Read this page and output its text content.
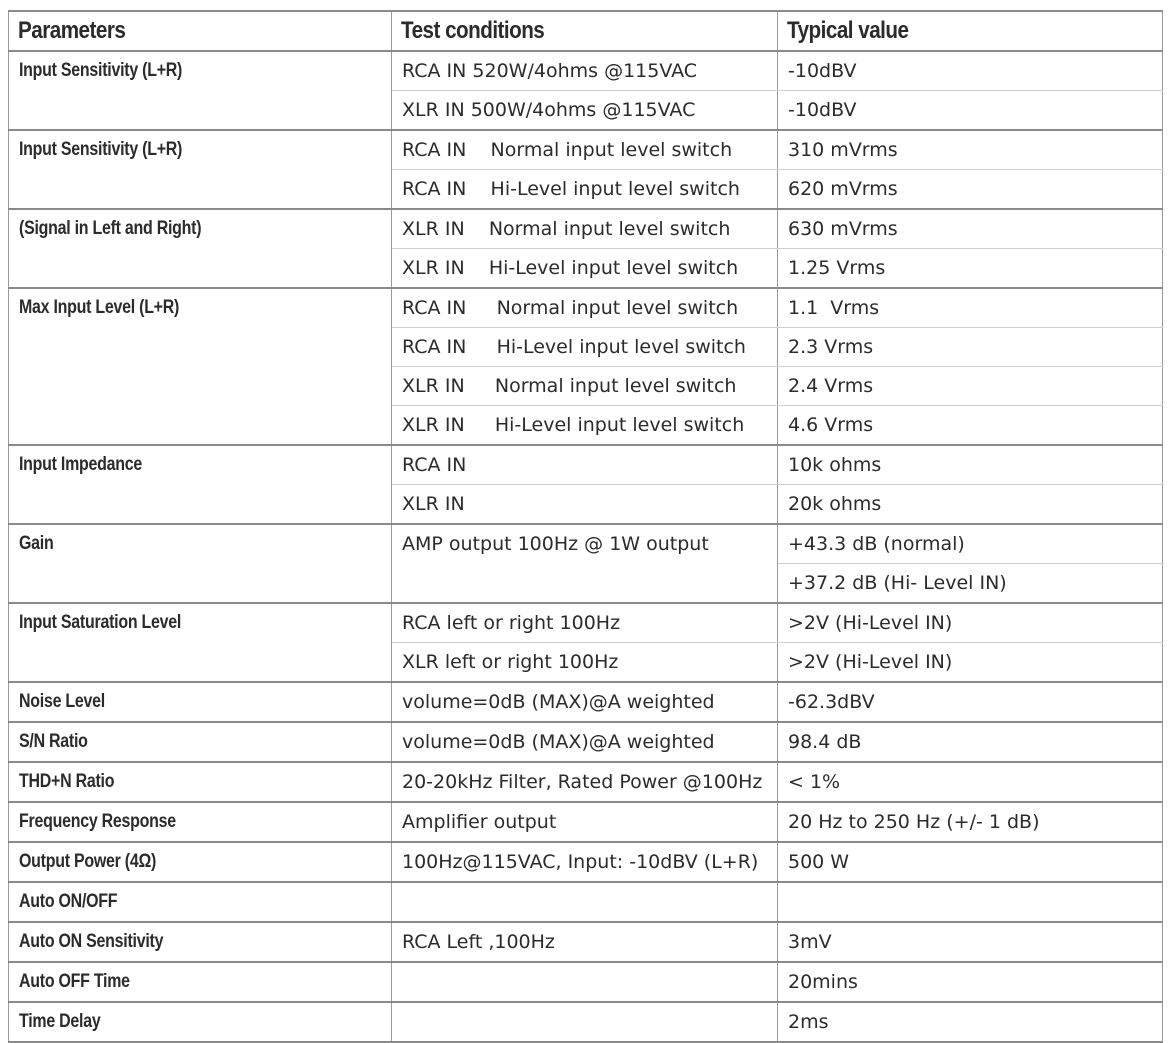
Parameters	Test conditions	Typical value
Input Sensitivity (L+R)	RCA IN 520W/4ohms @115VAC	-10dBV
	XLR IN 500W/4ohms @115VAC	-10dBV
Input Sensitivity (L+R)	RCA IN    Normal input level switch	310 mVrms
	RCA IN    Hi-Level input level switch	620 mVrms
(Signal in Left and Right)	XLR IN    Normal input level switch	630 mVrms
	XLR IN    Hi-Level input level switch	1.25 Vrms
Max Input Level (L+R)	RCA IN     Normal input level switch	1.1  Vrms
	RCA IN     Hi-Level input level switch	2.3 Vrms
	XLR IN     Normal input level switch	2.4 Vrms
	XLR IN     Hi-Level input level switch	4.6 Vrms
Input Impedance	RCA IN	10k ohms
	XLR IN	20k ohms
Gain	AMP output 100Hz @ 1W output	+43.3 dB (normal)
		+37.2 dB (Hi- Level IN)
Input Saturation Level	RCA left or right 100Hz	>2V (Hi-Level IN)
	XLR left or right 100Hz	>2V (Hi-Level IN)
Noise Level	volume=0dB (MAX)@A weighted	-62.3dBV
S/N Ratio	volume=0dB (MAX)@A weighted	98.4 dB
THD+N Ratio	20-20kHz Filter, Rated Power @100Hz	< 1%
Frequency Response	Amplifier output	20 Hz to 250 Hz (+/- 1 dB)
Output Power (4Ω)	100Hz@115VAC, Input: -10dBV (L+R)	500 W
Auto ON/OFF		
Auto ON Sensitivity	RCA Left ,100Hz	3mV
Auto OFF Time		20mins
Time Delay		2ms
